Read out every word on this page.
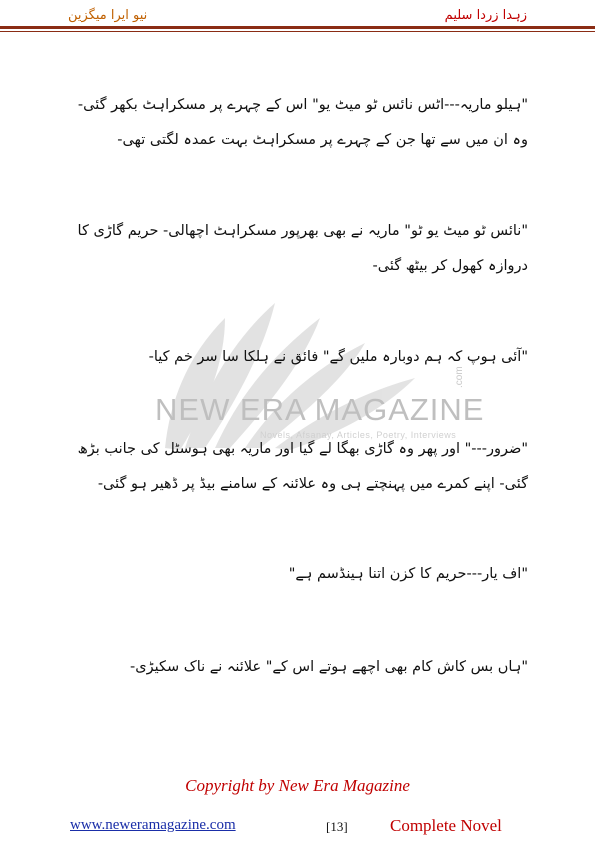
نیو ایرا میگزین	زہدا زردا سلیم
NEW ERA MAGAZINE
.com
Novels, Afsanay, Articles, Poetry, Interviews
"ہیلو ماریہ---اٹس نائس ٹو میٹ یو" اس کے چہرے پر مسکراہٹ بکھر گئی- وہ ان میں سے تھا جن کے چہرے پر مسکراہٹ بہت عمدہ لگتی تھی-
"نائس ٹو میٹ یو ٹو" ماریہ نے بھی بھرپور مسکراہٹ اچھالی- حریم گاڑی کا دروازہ کھول کر بیٹھ گئی-
"آئی ہوپ کہ ہم دوبارہ ملیں گے" فائق نے ہلکا سا سر خم کیا-
"ضرور---" اور پھر وہ گاڑی بھگا لے گیا اور ماریہ بھی ہوسٹل کی جانب بڑھ گئی- اپنے کمرے میں پہنچتے ہی وہ علائنہ کے سامنے بیڈ پر ڈھیر ہو گئی-
"اف یار---حریم کا کزن اتنا ہینڈسم ہے"
"ہاں بس کاش کام بھی اچھے ہوتے اس کے" علائنہ نے ناک سکیڑی-
Copyright by New Era Magazine
www.neweramagazine.com	[13] Complete Novel
